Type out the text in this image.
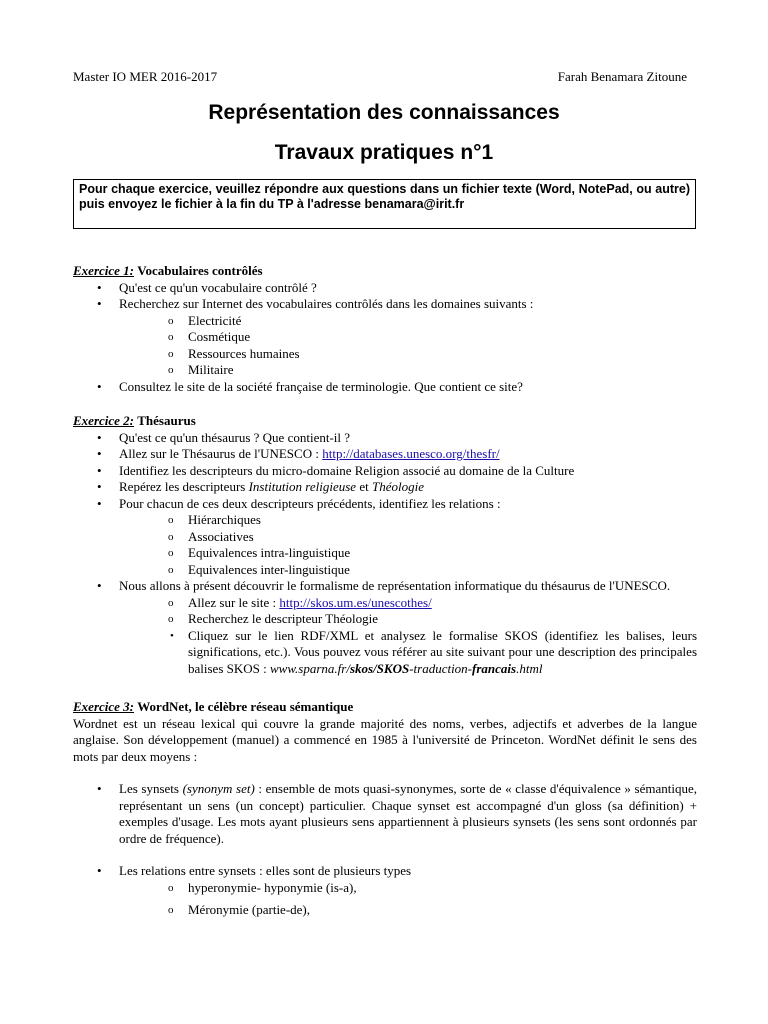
Master IO MER 2016-2017	Farah Benamara Zitoune
Représentation des connaissances
Travaux pratiques n°1
Pour chaque exercice, veuillez répondre aux questions dans un fichier texte (Word, NotePad, ou autre) puis envoyez le fichier à la fin du TP à l'adresse benamara@irit.fr

Exercice 1: Vocabulaires contrôlés

• Qu'est ce qu'un vocabulaire contrôlé ?
• Recherchez sur Internet des vocabulaires contrôlés dans les domaines suivants :
o Electricité
o Cosmétique
o Ressources humaines
o Militaire
• Consultez le site de la société française de terminologie. Que contient ce site?

Exercice 2: Thésaurus

• Qu'est ce qu'un thésaurus ? Que contient-il ?
• Allez sur le Thésaurus de l'UNESCO : http://databases.unesco.org/thesfr/
• Identifiez les descripteurs du micro-domaine Religion associé au domaine de la Culture
• Repérez les descripteurs Institution religieuse et Théologie
• Pour chacun de ces deux descripteurs précédents, identifiez les relations :
o Hiérarchiques
o Associatives
o Equivalences intra-linguistique
o Equivalences inter-linguistique
• Nous allons à présent découvrir le formalisme de représentation informatique du thésaurus de l'UNESCO.
o Allez sur le site : http://skos.um.es/unescothes/
o Recherchez le descripteur Théologie
• Cliquez sur le lien RDF/XML et analysez le formalise SKOS (identifiez les balises, leurs significations, etc.). Vous pouvez vous référer au site suivant pour une description des principales balises SKOS : www.sparna.fr/skos/SKOS-traduction-francais.html

Exercice 3: WordNet, le célèbre réseau sémantique

Wordnet est un réseau lexical qui couvre la grande majorité des noms, verbes, adjectifs et adverbes de la langue anglaise. Son développement (manuel) a commencé en 1985 à l'université de Princeton. WordNet définit le sens des mots par deux moyens :

• Les synsets (synonym set) : ensemble de mots quasi-synonymes, sorte de « classe d'équivalence » sémantique, représentant un sens (un concept) particulier. Chaque synset est accompagné d'un gloss (sa définition) + exemples d'usage. Les mots ayant plusieurs sens appartiennent à plusieurs synsets (les sens sont ordonnés par ordre de fréquence).
• Les relations entre synsets : elles sont de plusieurs types
o hyperonymie- hyponymie (is-a),
o Méronymie (partie-de),
